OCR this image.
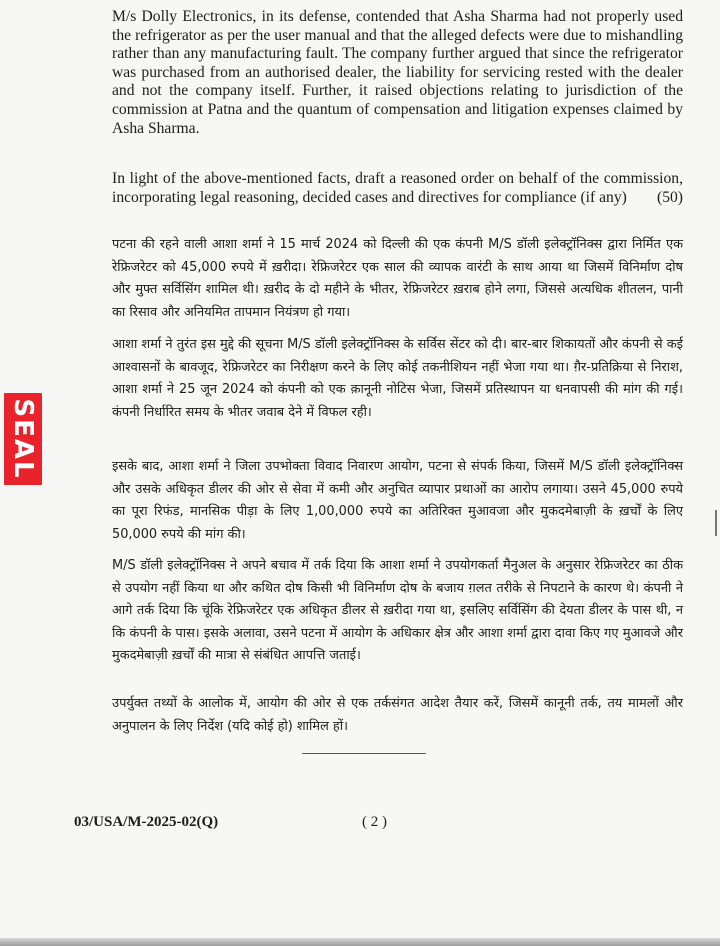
M/s Dolly Electronics, in its defense, contended that Asha Sharma had not properly used the refrigerator as per the user manual and that the alleged defects were due to mishandling rather than any manufacturing fault. The company further argued that since the refrigerator was purchased from an authorised dealer, the liability for servicing rested with the dealer and not the company itself. Further, it raised objections relating to jurisdiction of the commission at Patna and the quantum of compensation and litigation expenses claimed by Asha Sharma.

In light of the above-mentioned facts, draft a reasoned order on behalf of the commission, incorporating legal reasoning, decided cases and directives for compliance (if any) (50)

पटना की रहने वाली आशा शर्मा ने 15 मार्च 2024 को दिल्ली की एक कंपनी M/S डॉली इलेक्ट्रॉनिक्स द्वारा निर्मित एक रेफ्रिजरेटर को 45,000 रुपये में ख़रीदा। रेफ्रिजरेटर एक साल की व्यापक वारंटी के साथ आया था जिसमें विनिर्माण दोष और मुफ्त सर्विसिंग शामिल थी। ख़रीद के दो महीने के भीतर, रेफ्रिजरेटर ख़राब होने लगा, जिससे अत्यधिक शीतलन, पानी का रिसाव और अनियमित तापमान नियंत्रण हो गया।

आशा शर्मा ने तुरंत इस मुद्दे की सूचना M/S डॉली इलेक्ट्रॉनिक्स के सर्विस सेंटर को दी। बार-बार शिकायतों और कंपनी से कई आश्वासनों के बावजूद, रेफ्रिजरेटर का निरीक्षण करने के लिए कोई तकनीशियन नहीं भेजा गया था। ग़ैर-प्रतिक्रिया से निराश, आशा शर्मा ने 25 जून 2024 को कंपनी को एक क़ानूनी नोटिस भेजा, जिसमें प्रतिस्थापन या धनवापसी की मांग की गई। कंपनी निर्धारित समय के भीतर जवाब देने में विफल रही।

इसके बाद, आशा शर्मा ने जिला उपभोक्ता विवाद निवारण आयोग, पटना से संपर्क किया, जिसमें M/S डॉली इलेक्ट्रॉनिक्स और उसके अधिकृत डीलर की ओर से सेवा में कमी और अनुचित व्यापार प्रथाओं का आरोप लगाया। उसने 45,000 रुपये का पूरा रिफंड, मानसिक पीड़ा के लिए 1,00,000 रुपये का अतिरिक्त मुआवजा और मुकदमेबाज़ी के ख़र्चों के लिए 50,000 रुपये की मांग की।

M/S डॉली इलेक्ट्रॉनिक्स ने अपने बचाव में तर्क दिया कि आशा शर्मा ने उपयोगकर्ता मैनुअल के अनुसार रेफ्रिजरेटर का ठीक से उपयोग नहीं किया था और कथित दोष किसी भी विनिर्माण दोष के बजाय ग़लत तरीके से निपटाने के कारण थे। कंपनी ने आगे तर्क दिया कि चूंकि रेफ्रिजरेटर एक अधिकृत डीलर से ख़रीदा गया था, इसलिए सर्विसिंग की देयता डीलर के पास थी, न कि कंपनी के पास। इसके अलावा, उसने पटना में आयोग के अधिकार क्षेत्र और आशा शर्मा द्वारा दावा किए गए मुआवजे और मुकदमेबाज़ी ख़र्चों की मात्रा से संबंधित आपत्ति जताई।

उपर्युक्त तथ्यों के आलोक में, आयोग की ओर से एक तर्कसंगत आदेश तैयार करें, जिसमें कानूनी तर्क, तय मामलों और अनुपालन के लिए निर्देश (यदि कोई हो) शामिल हों।

SEAL
03/USA/M-2025-02(Q)	( 2 )
